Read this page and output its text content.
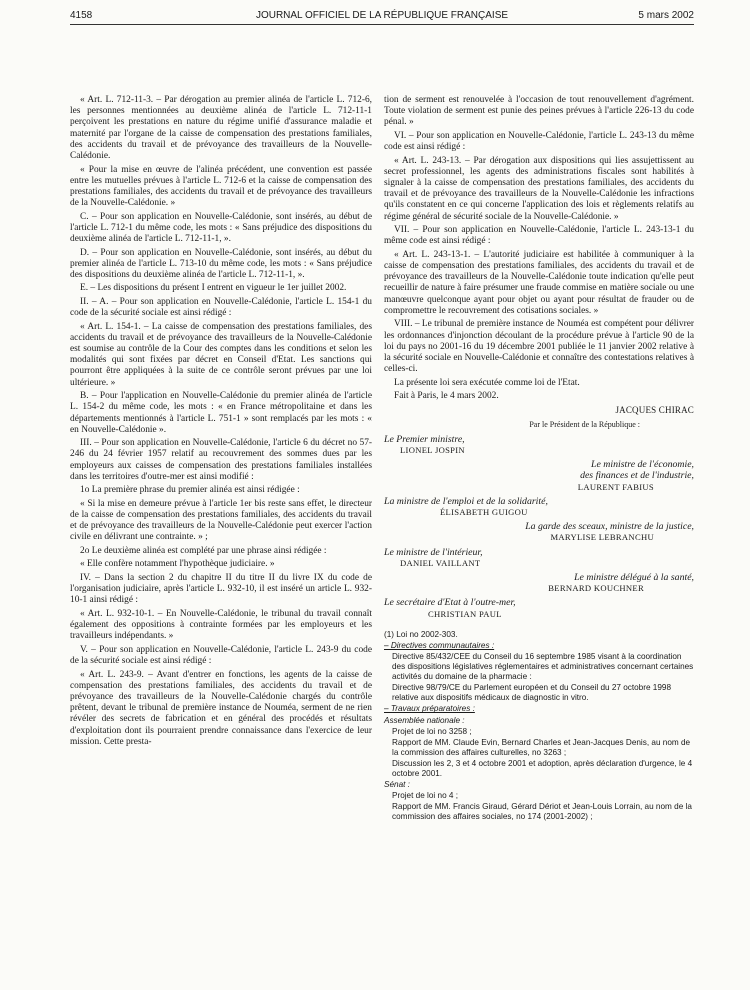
4158	JOURNAL OFFICIEL DE LA RÉPUBLIQUE FRANÇAISE	5 mars 2002

« Art. L. 712-11-3. – Par dérogation au premier alinéa de l'article L. 712-6, les personnes mentionnées au deuxième alinéa de l'article L. 712-11-1 perçoivent les prestations en nature du régime unifié d'assurance maladie et maternité par l'organe de la caisse de compensation des prestations familiales, des accidents du travail et de prévoyance des travailleurs de la Nouvelle-Calédonie.

« Pour la mise en œuvre de l'alinéa précédent, une convention est passée entre les mutuelles prévues à l'article L. 712-6 et la caisse de compensation des prestations familiales, des accidents du travail et de prévoyance des travailleurs de la Nouvelle-Calédonie. »

C. – Pour son application en Nouvelle-Calédonie, sont insérés, au début de l'article L. 712-1 du même code, les mots : « Sans préjudice des dispositions du deuxième alinéa de l'article L. 712-11-1, ».

D. – Pour son application en Nouvelle-Calédonie, sont insérés, au début du premier alinéa de l'article L. 713-10 du même code, les mots : « Sans préjudice des dispositions du deuxième alinéa de l'article L. 712-11-1, ».

E. – Les dispositions du présent I entrent en vigueur le 1er juillet 2002.

II. – A. – Pour son application en Nouvelle-Calédonie, l'article L. 154-1 du code de la sécurité sociale est ainsi rédigé :

« Art. L. 154-1. – La caisse de compensation des prestations familiales, des accidents du travail et de prévoyance des travailleurs de la Nouvelle-Calédonie est soumise au contrôle de la Cour des comptes dans les conditions et selon les modalités qui sont fixées par décret en Conseil d'Etat. Les sanctions qui pourront être appliquées à la suite de ce contrôle seront prévues par une loi ultérieure. »

B. – Pour l'application en Nouvelle-Calédonie du premier alinéa de l'article L. 154-2 du même code, les mots : « en France métropolitaine et dans les départements mentionnés à l'article L. 751-1 » sont remplacés par les mots : « en Nouvelle-Calédonie ».

III. – Pour son application en Nouvelle-Calédonie, l'article 6 du décret no 57-246 du 24 février 1957 relatif au recouvrement des sommes dues par les employeurs aux caisses de compensation des prestations familiales installées dans les territoires d'outre-mer est ainsi modifié :

1o La première phrase du premier alinéa est ainsi rédigée :

« Si la mise en demeure prévue à l'article 1er bis reste sans effet, le directeur de la caisse de compensation des prestations familiales, des accidents du travail et de prévoyance des travailleurs de la Nouvelle-Calédonie peut exercer l'action civile en délivrant une contrainte. » ;

2o Le deuxième alinéa est complété par une phrase ainsi rédigée :

« Elle confère notamment l'hypothèque judiciaire. »

IV. – Dans la section 2 du chapitre II du titre II du livre IX du code de l'organisation judiciaire, après l'article L. 932-10, il est inséré un article L. 932-10-1 ainsi rédigé :

« Art. L. 932-10-1. – En Nouvelle-Calédonie, le tribunal du travail connaît également des oppositions à contrainte formées par les employeurs et les travailleurs indépendants. »

V. – Pour son application en Nouvelle-Calédonie, l'article L. 243-9 du code de la sécurité sociale est ainsi rédigé :

« Art. L. 243-9. – Avant d'entrer en fonctions, les agents de la caisse de compensation des prestations familiales, des accidents du travail et de prévoyance des travailleurs de la Nouvelle-Calédonie chargés du contrôle prêtent, devant le tribunal de première instance de Nouméa, serment de ne rien révéler des secrets de fabrication et en général des procédés et résultats d'exploitation dont ils pourraient prendre connaissance dans l'exercice de leur mission. Cette presta-

tion de serment est renouvelée à l'occasion de tout renouvellement d'agrément. Toute violation de serment est punie des peines prévues à l'article 226-13 du code pénal. »

VI. – Pour son application en Nouvelle-Calédonie, l'article L. 243-13 du même code est ainsi rédigé :

« Art. L. 243-13. – Par dérogation aux dispositions qui lies assujettissent au secret professionnel, les agents des administrations fiscales sont habilités à signaler à la caisse de compensation des prestations familiales, des accidents du travail et de prévoyance des travailleurs de la Nouvelle-Calédonie les infractions qu'ils constatent en ce qui concerne l'application des lois et règlements relatifs au régime général de sécurité sociale de la Nouvelle-Calédonie. »

VII. – Pour son application en Nouvelle-Calédonie, l'article L. 243-13-1 du même code est ainsi rédigé :

« Art. L. 243-13-1. – L'autorité judiciaire est habilitée à communiquer à la caisse de compensation des prestations familiales, des accidents du travail et de prévoyance des travailleurs de la Nouvelle-Calédonie toute indication qu'elle peut recueillir de nature à faire présumer une fraude commise en matière sociale ou une manœuvre quelconque ayant pour objet ou ayant pour résultat de frauder ou de compromettre le recouvrement des cotisations sociales. »

VIII. – Le tribunal de première instance de Nouméa est compétent pour délivrer les ordonnances d'injonction découlant de la procédure prévue à l'article 90 de la loi du pays no 2001-16 du 19 décembre 2001 publiée le 11 janvier 2002 relative à la sécurité sociale en Nouvelle-Calédonie et connaître des contestations relatives à celles-ci.

La présente loi sera exécutée comme loi de l'Etat.

Fait à Paris, le 4 mars 2002.

JACQUES CHIRAC
Par le Président de la République :
Le Premier ministre,
LIONEL JOSPIN
Le ministre de l'économie,
des finances et de l'industrie,
LAURENT FABIUS
La ministre de l'emploi et de la solidarité,
ÉLISABETH GUIGOU
La garde des sceaux, ministre de la justice,
MARYLISE LEBRANCHU
Le ministre de l'intérieur,
DANIEL VAILLANT
Le ministre délégué à la santé,
BERNARD KOUCHNER
Le secrétaire d'Etat à l'outre-mer,
CHRISTIAN PAUL

(1) Loi no 2002-303.

– Directives communautaires :

Directive 85/432/CEE du Conseil du 16 septembre 1985 visant à la coordination des dispositions législatives réglementaires et administratives concernant certaines activités du domaine de la pharmacie :

Directive 98/79/CE du Parlement européen et du Conseil du 27 octobre 1998 relative aux dispositifs médicaux de diagnostic in vitro.

– Travaux préparatoires :

Assemblée nationale :

Projet de loi no 3258 ;

Rapport de MM. Claude Evin, Bernard Charles et Jean-Jacques Denis, au nom de la commission des affaires culturelles, no 3263 ;

Discussion les 2, 3 et 4 octobre 2001 et adoption, après déclaration d'urgence, le 4 octobre 2001.

Sénat :

Projet de loi no 4 ;

Rapport de MM. Francis Giraud, Gérard Dériot et Jean-Louis Lorrain, au nom de la commission des affaires sociales, no 174 (2001-2002) ;
